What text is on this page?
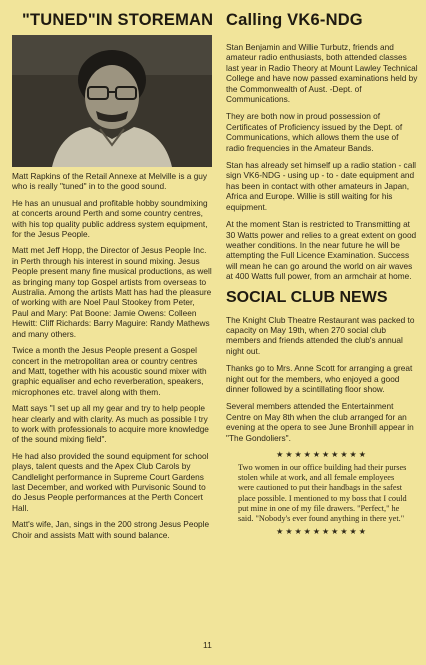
"TUNED"IN STOREMAN

Matt Rapkins of the Retail Annexe at Melville is a guy who is really "tuned" in to the good sound.

He has an unusual and profitable hobby soundmixing at concerts around Perth and some country centres, with his top quality public address system equipment, for the Jesus People.

Matt met Jeff Hopp, the Director of Jesus People Inc. in Perth through his interest in sound mixing. Jesus People present many fine musical productions, as well as bringing many top Gospel artists from overseas to Australia. Among the artists Matt has had the pleasure of working with are Noel Paul Stookey from Peter, Paul and Mary: Pat Boone: Jamie Owens: Colleen Hewitt: Cliff Richards: Barry Maguire: Randy Mathews and many others.

Twice a month the Jesus People present a Gospel concert in the metropolitan area or country centres and Matt, together with his acoustic sound mixer with graphic equaliser and echo reverberation, speakers, microphones etc. travel along with them.

Matt says "I set up all my gear and try to help people hear clearly and with clarity. As much as possible I try to work with professionals to acquire more knowledge of the sound mixing field".

He had also provided the sound equipment for school plays, talent quests and the Apex Club Carols by Candlelight performance in Supreme Court Gardens last December, and worked with Purvisonic Sound to do Jesus People performances at the Perth Concert Hall.

Matt's wife, Jan, sings in the 200 strong Jesus People Choir and assists Matt with sound balance.

Calling VK6-NDG

Stan Benjamin and Willie Turbutz, friends and amateur radio enthusiasts, both attended classes last year in Radio Theory at Mount Lawley Technical College and have now passed examinations held by the Commonwealth of Aust. -Dept. of Communications.

They are both now in proud possession of Certificates of Proficiency issued by the Dept. of Communications, which allows them the use of radio frequencies in the Amateur Bands.

Stan has already set himself up a radio station - call sign VK6-NDG - using up - to - date equipment and has been in contact with other amateurs in Japan, Africa and Europe. Willie is still waiting for his equipment.

At the moment Stan is restricted to Transmitting at 30 Watts power and relies to a great extent on good weather conditions. In the near future he will be attempting the Full Licence Examination. Success will mean he can go around the world on air waves at 400 Watts full power, from an armchair at home.

SOCIAL CLUB NEWS

The Knight Club Theatre Restaurant was packed to capacity on May 19th, when 270 social club members and friends attended the club's annual night out.

Thanks go to Mrs. Anne Scott for arranging a great night out for the members, who enjoyed a good dinner followed by a scintillating floor show.

Several members attended the Entertainment Centre on May 8th when the club arranged for an evening at the opera to see June Bronhill appear in "The Gondoliers".

★★★★★★★★★★

Two women in our office building had their purses stolen while at work, and all female employees were cautioned to put their handbags in the safest place possible. I mentioned to my boss that I could put mine in one of my file drawers. "Perfect," he said. "Nobody's ever found anything in there yet."

★★★★★★★★★★
11
